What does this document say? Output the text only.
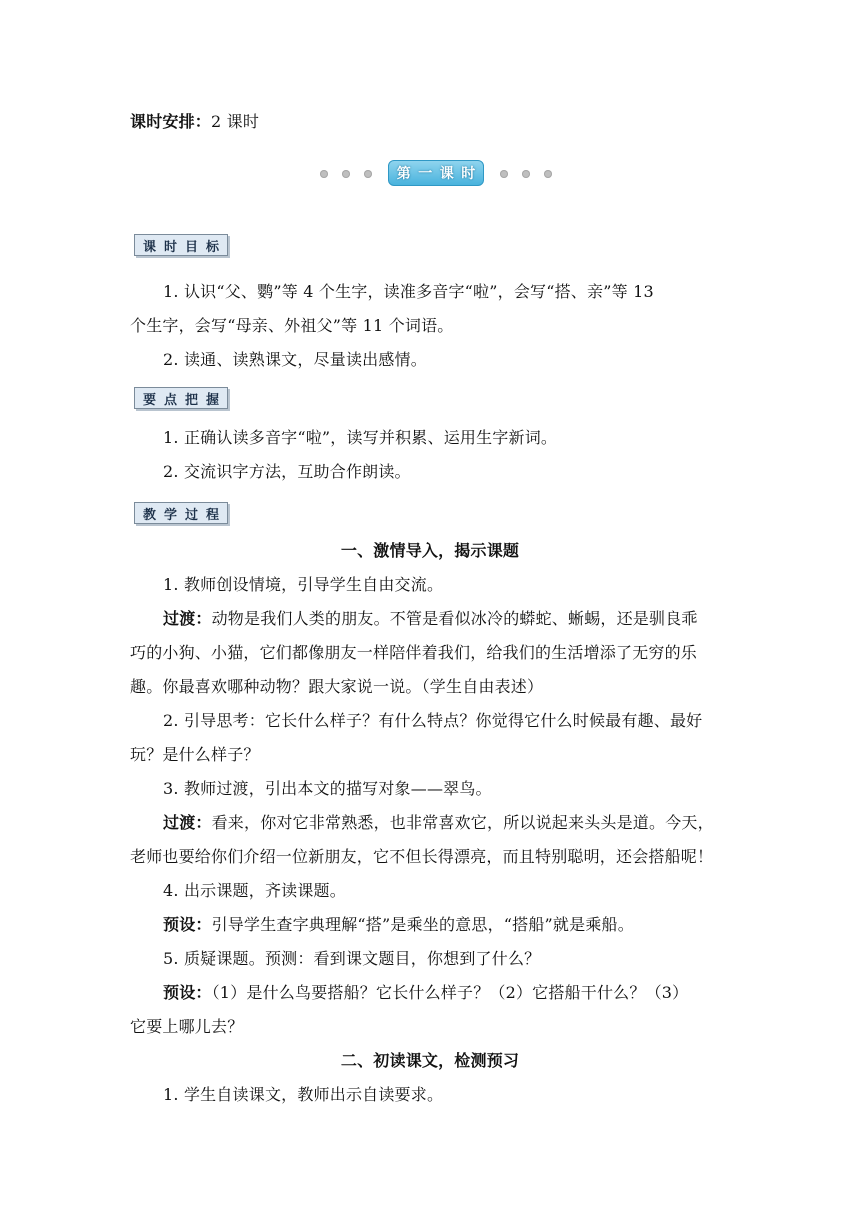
课时安排：2 课时
第 一 课 时
课 时 目 标
1. 认识“父、鹦”等 4 个生字，读准多音字“啦”，会写“搭、亲”等 13
个生字，会写“母亲、外祖父”等 11 个词语。
2. 读通、读熟课文，尽量读出感情。
要 点 把 握
1. 正确认读多音字“啦”，读写并积累、运用生字新词。
2. 交流识字方法，互助合作朗读。
教 学 过 程
一、激情导入，揭示课题
1. 教师创设情境，引导学生自由交流。
过渡：动物是我们人类的朋友。不管是看似冰冷的蟒蛇、蜥蜴，还是驯良乖
巧的小狗、小猫，它们都像朋友一样陪伴着我们，给我们的生活增添了无穷的乐
趣。你最喜欢哪种动物？跟大家说一说。（学生自由表述）
2. 引导思考：它长什么样子？有什么特点？你觉得它什么时候最有趣、最好
玩？是什么样子？
3. 教师过渡，引出本文的描写对象——翠鸟。
过渡：看来，你对它非常熟悉，也非常喜欢它，所以说起来头头是道。今天，
老师也要给你们介绍一位新朋友，它不但长得漂亮，而且特别聪明，还会搭船呢！
4. 出示课题，齐读课题。
预设：引导学生查字典理解“搭”是乘坐的意思，“搭船”就是乘船。
5. 质疑课题。预测：看到课文题目，你想到了什么？
预设：（1）是什么鸟要搭船？它长什么样子？（2）它搭船干什么？（3）
它要上哪儿去？
二、初读课文，检测预习
1. 学生自读课文，教师出示自读要求。
